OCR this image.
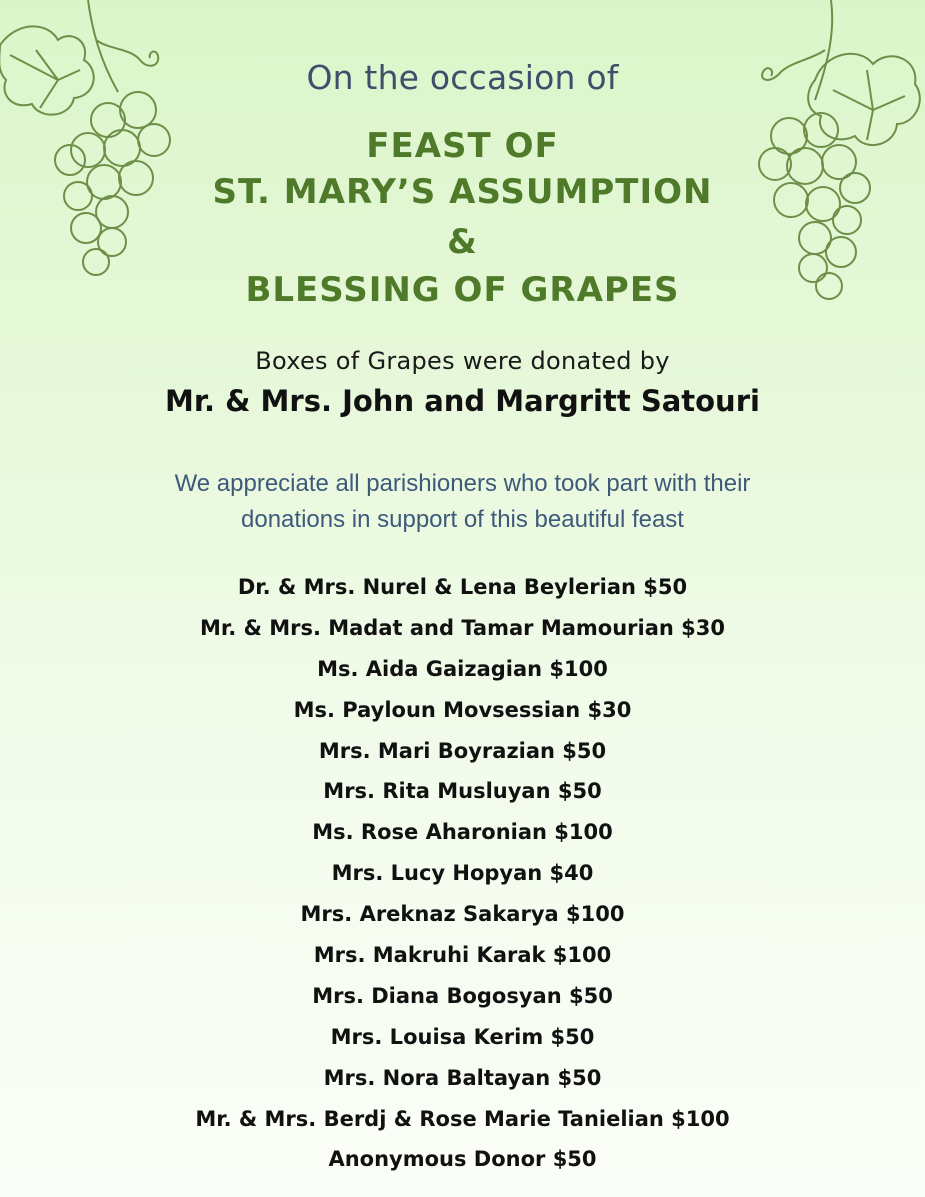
On the occasion of
FEAST OF
ST. MARY’S ASSUMPTION
&
BLESSING OF GRAPES
Boxes of Grapes were donated by
Mr. & Mrs. John and Margritt Satouri
We appreciate all parishioners who took part with their
donations in support of this beautiful feast
Dr. & Mrs. Nurel & Lena Beylerian $50
Mr. & Mrs. Madat and Tamar Mamourian $30
Ms. Aida Gaizagian $100
Ms. Payloun Movsessian $30
Mrs. Mari Boyrazian $50
Mrs. Rita Musluyan $50
Ms. Rose Aharonian $100
Mrs. Lucy Hopyan $40
Mrs. Areknaz Sakarya $100
Mrs. Makruhi Karak $100
Mrs. Diana Bogosyan $50
Mrs. Louisa Kerim $50
Mrs. Nora Baltayan $50
Mr. & Mrs. Berdj & Rose Marie Tanielian $100
Anonymous Donor $50
